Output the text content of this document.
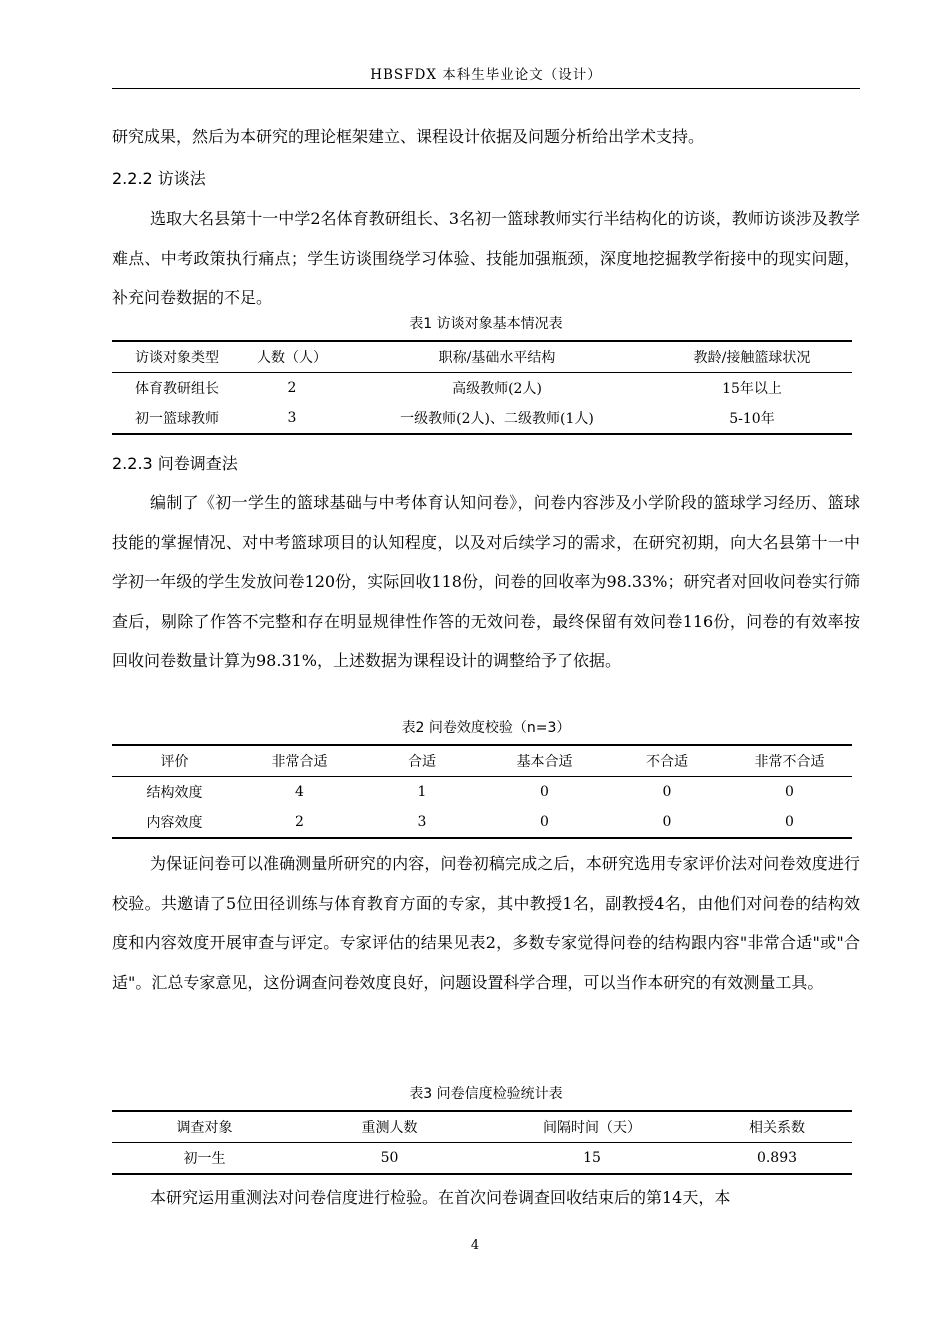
HBSFDX 本科生毕业论文（设计）

研究成果，然后为本研究的理论框架建立、课程设计依据及问题分析给出学术支持。

2.2.2 访谈法

选取大名县第十一中学2名体育教研组长、3名初一篮球教师实行半结构化的访谈，教师访谈涉及教学难点、中考政策执行痛点；学生访谈围绕学习体验、技能加强瓶颈，深度地挖掘教学衔接中的现实问题，补充问卷数据的不足。

表1 访谈对象基本情况表

访谈对象类型	人数（人）	职称/基础水平结构	教龄/接触篮球状况
体育教研组长	2	高级教师(2人)	15年以上
初一篮球教师	3	一级教师(2人)、二级教师(1人)	5-10年

2.2.3 问卷调查法

编制了《初一学生的篮球基础与中考体育认知问卷》，问卷内容涉及小学阶段的篮球学习经历、篮球技能的掌握情况、对中考篮球项目的认知程度，以及对后续学习的需求，在研究初期，向大名县第十一中学初一年级的学生发放问卷120份，实际回收118份，问卷的回收率为98.33%；研究者对回收问卷实行筛查后，剔除了作答不完整和存在明显规律性作答的无效问卷，最终保留有效问卷116份，问卷的有效率按回收问卷数量计算为98.31%，上述数据为课程设计的调整给予了依据。

表2 问卷效度校验（n=3）

评价	非常合适	合适	基本合适	不合适	非常不合适
结构效度	4	1	0	0	0
内容效度	2	3	0	0	0

为保证问卷可以准确测量所研究的内容，问卷初稿完成之后，本研究选用专家评价法对问卷效度进行校验。共邀请了5位田径训练与体育教育方面的专家，其中教授1名，副教授4名，由他们对问卷的结构效度和内容效度开展审查与评定。专家评估的结果见表2，多数专家觉得问卷的结构跟内容"非常合适"或"合适"。汇总专家意见，这份调查问卷效度良好，问题设置科学合理，可以当作本研究的有效测量工具。

表3 问卷信度检验统计表

调查对象	重测人数	间隔时间（天）	相关系数
初一生	50	15	0.893

本研究运用重测法对问卷信度进行检验。在首次问卷调查回收结束后的第14天，本

4
